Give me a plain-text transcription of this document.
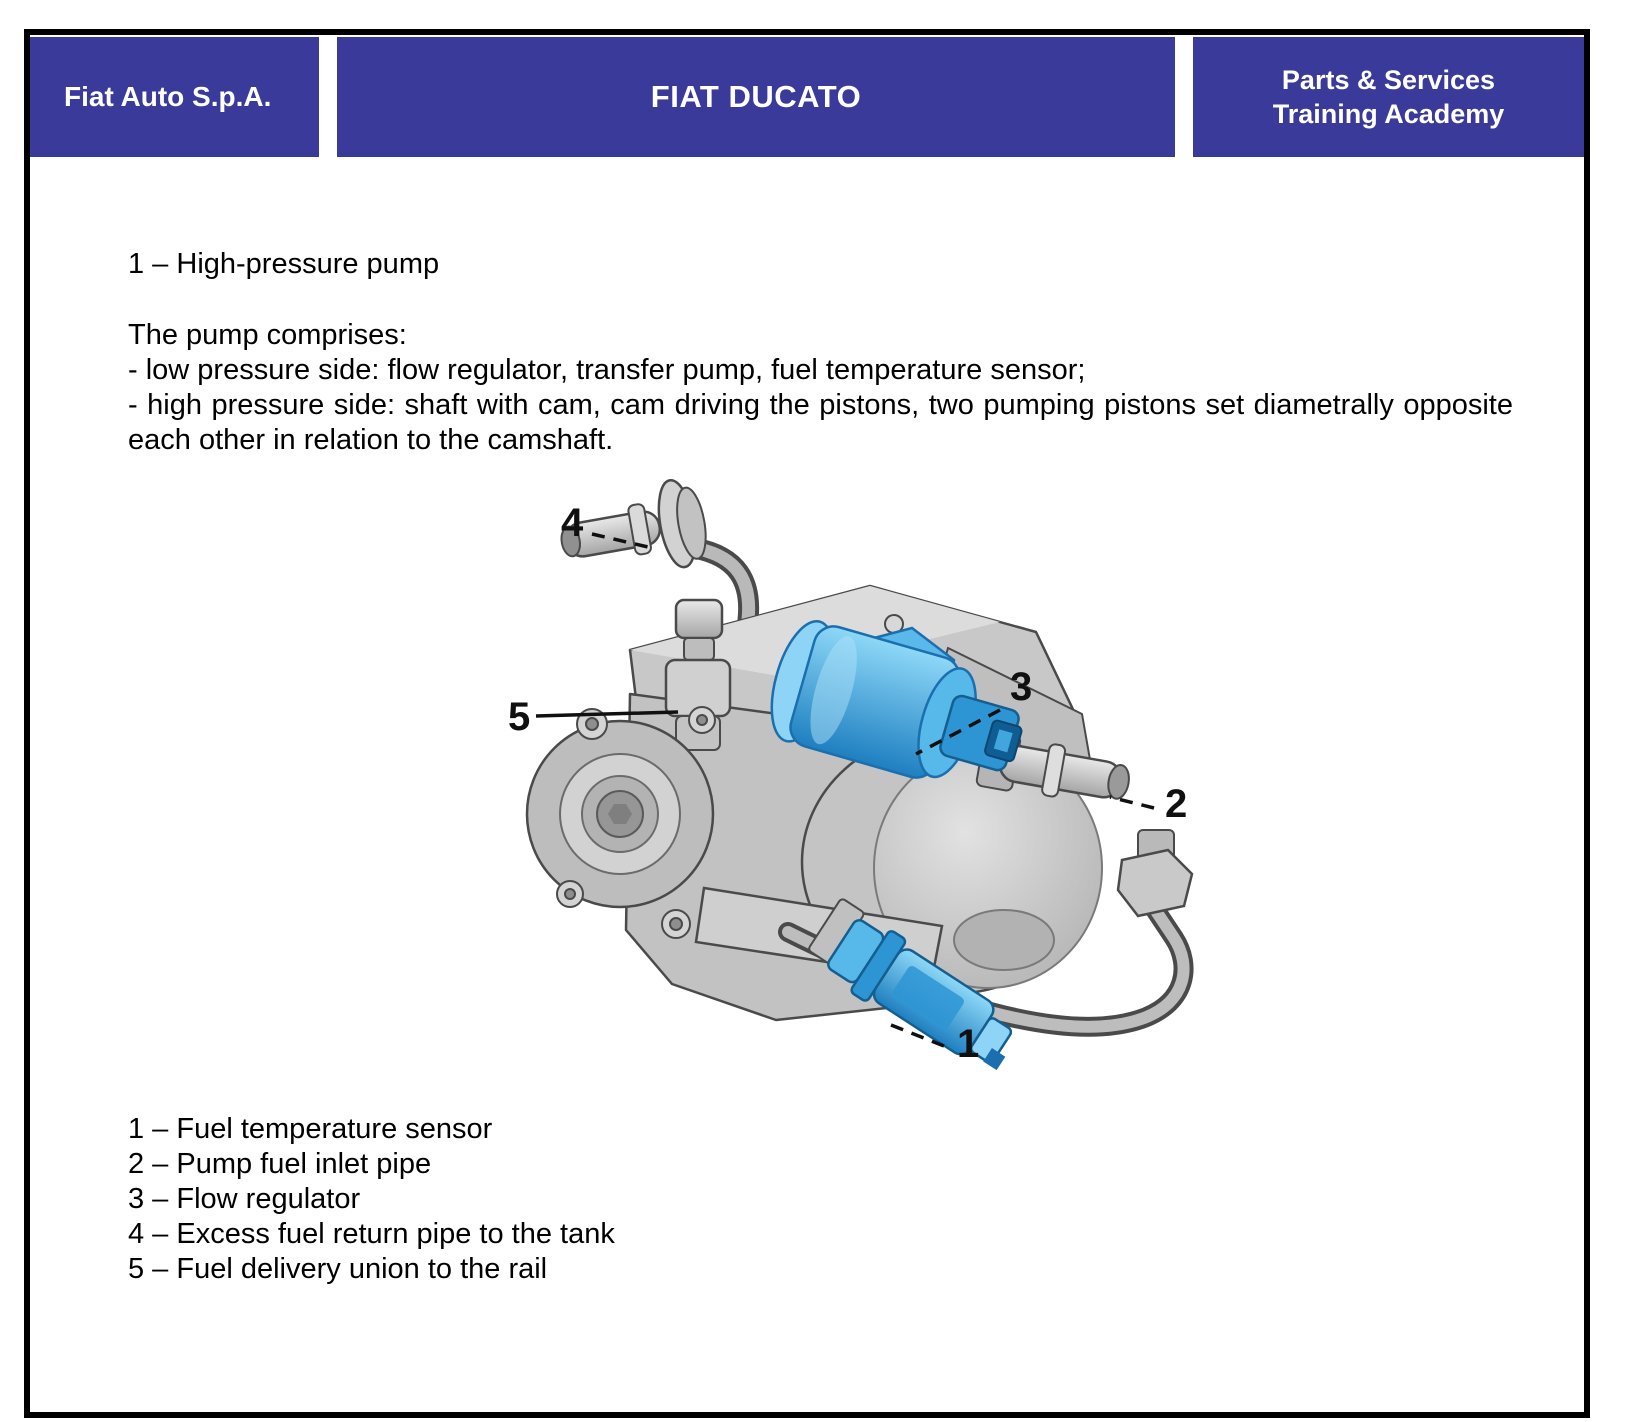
Fiat Auto S.p.A.	FIAT DUCATO	Parts & Services
Training Academy
1 – High-pressure pump
The pump comprises:
- low pressure side: flow regulator, transfer pump, fuel temperature sensor;
- high pressure side: shaft with cam, cam driving the pistons, two pumping pistons set diametrally opposite each other in relation to the camshaft.
4
5
3
2
1
1 – Fuel temperature sensor
2 – Pump fuel inlet pipe
3 – Flow regulator
4 – Excess fuel return pipe to the tank
5 – Fuel delivery union to the rail
